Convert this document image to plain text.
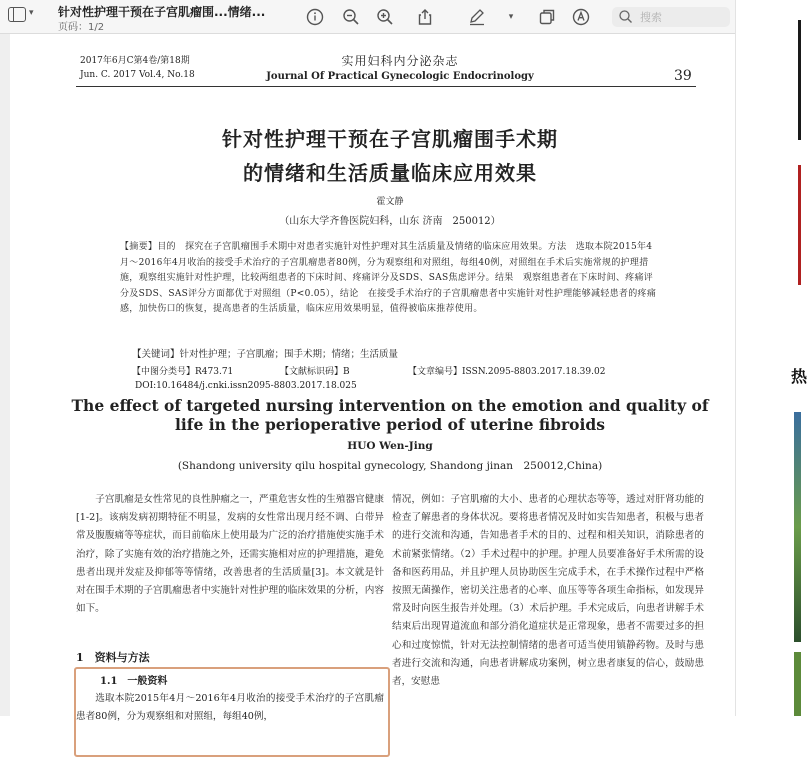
▾ 针对性护理干预在子宫肌瘤围...情绪...
页码：1/2
▾
搜索
热
2017年6月C第4卷/第18期
Jun. C. 2017 Vol.4, No.18
实用妇科内分泌杂志
Journal Of Practical Gynecologic Endocrinology	39
针对性护理干预在子宫肌瘤围手术期
的情绪和生活质量临床应用效果
霍文静
（山东大学齐鲁医院妇科，山东 济南　250012）
【摘要】目的　探究在子宫肌瘤围手术期中对患者实施针对性护理对其生活质量及情绪的临床应用效果。方法　选取本院2015年4月～2016年4月收治的接受手术治疗的子宫肌瘤患者80例，分为观察组和对照组，每组40例，对照组在手术后实施常规的护理措施，观察组实施针对性护理，比较两组患者的下床时间、疼痛评分及SDS、SAS焦虑评分。结果　观察组患者在下床时间、疼痛评分及SDS、SAS评分方面都优于对照组（P<0.05），结论　在接受手术治疗的子宫肌瘤患者中实施针对性护理能够减轻患者的疼痛感，加快伤口的恢复，提高患者的生活质量，临床应用效果明显，值得被临床推荐使用。
【关键词】针对性护理；子宫肌瘤；围手术期；情绪；生活质量
【中图分类号】R473.71	【文献标识码】B	【文章编号】ISSN.2095-8803.2017.18.39.02
DOI:10.16484/j.cnki.issn2095-8803.2017.18.025
The effect of targeted nursing intervention on the emotion and quality of life in the perioperative period of uterine fibroids
HUO Wen-Jing
(Shandong university qilu hospital gynecology, Shandong jinan　250012,China)
子宫肌瘤是女性常见的良性肿瘤之一，严重危害女性的生殖器官健康[1-2]。该病发病初期特征不明显，发病的女性常出现月经不调、白带异常及腹腹痛等等症状，而目前临床上使用最为广泛的治疗措施使实施手术治疗，除了实施有效的治疗措施之外，还需实施相对应的护理措施，避免患者出现并发症及抑郁等等情绪，改善患者的生活质量[3]。本文就是针对在围手术期的子宫肌瘤患者中实施针对性护理的临床效果的分析，内容如下。
情况，例如：子宫肌瘤的大小、患者的心理状态等等，透过对肝肾功能的检查了解患者的身体状况。要将患者情况及时如实告知患者，积极与患者的进行交流和沟通，告知患者手术的目的、过程和相关知识，消除患者的术前紧张情绪。（2）手术过程中的护理。护理人员要准备好手术所需的设备和医药用品，并且护理人员协助医生完成手术，在手术操作过程中严格按照无菌操作，密切关注患者的心率、血压等等各项生命指标，如发现异常及时向医生报告并处理。（3）术后护理。手术完成后，向患者讲解手术结束后出现胃道流血和部分消化道症状是正常现象，患者不需要过多的担心和过度惊慌，针对无法控制情绪的患者可适当使用镇静药物。及时与患者进行交流和沟通，向患者讲解成功案例，树立患者康复的信心，鼓励患者，安慰患
1　资料与方法
1.1　一般资料
选取本院2015年4月～2016年4月收治的接受手术治疗的子宫肌瘤患者80例，分为观察组和对照组，每组40例，
